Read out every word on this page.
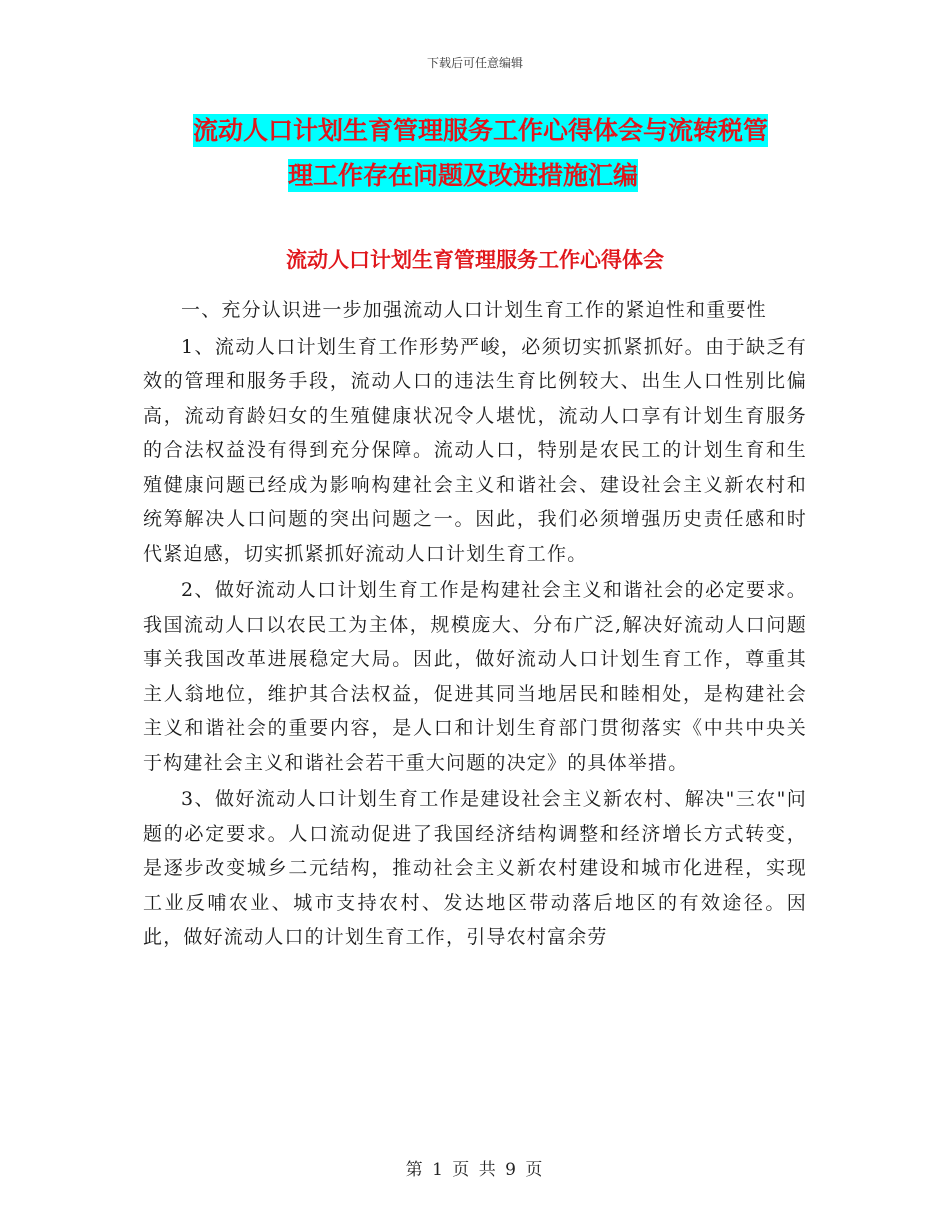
下载后可任意编辑
流动人口计划生育管理服务工作心得体会与流转税管
理工作存在问题及改进措施汇编
流动人口计划生育管理服务工作心得体会

一、充分认识进一步加强流动人口计划生育工作的紧迫性和重要性

1、流动人口计划生育工作形势严峻，必须切实抓紧抓好。由于缺乏有效的管理和服务手段，流动人口的违法生育比例较大、出生人口性别比偏高，流动育龄妇女的生殖健康状况令人堪忧，流动人口享有计划生育服务的合法权益没有得到充分保障。流动人口，特别是农民工的计划生育和生殖健康问题已经成为影响构建社会主义和谐社会、建设社会主义新农村和统筹解决人口问题的突出问题之一。因此，我们必须增强历史责任感和时代紧迫感，切实抓紧抓好流动人口计划生育工作。

2、做好流动人口计划生育工作是构建社会主义和谐社会的必定要求。我国流动人口以农民工为主体，规模庞大、分布广泛,解决好流动人口问题事关我国改革进展稳定大局。因此，做好流动人口计划生育工作，尊重其主人翁地位，维护其合法权益，促进其同当地居民和睦相处，是构建社会主义和谐社会的重要内容，是人口和计划生育部门贯彻落实《中共中央关于构建社会主义和谐社会若干重大问题的决定》的具体举措。

3、做好流动人口计划生育工作是建设社会主义新农村、解决"三农"问题的必定要求。人口流动促进了我国经济结构调整和经济增长方式转变，是逐步改变城乡二元结构，推动社会主义新农村建设和城市化进程，实现工业反哺农业、城市支持农村、发达地区带动落后地区的有效途径。因此，做好流动人口的计划生育工作，引导农村富余劳

第 1 页 共 9 页
